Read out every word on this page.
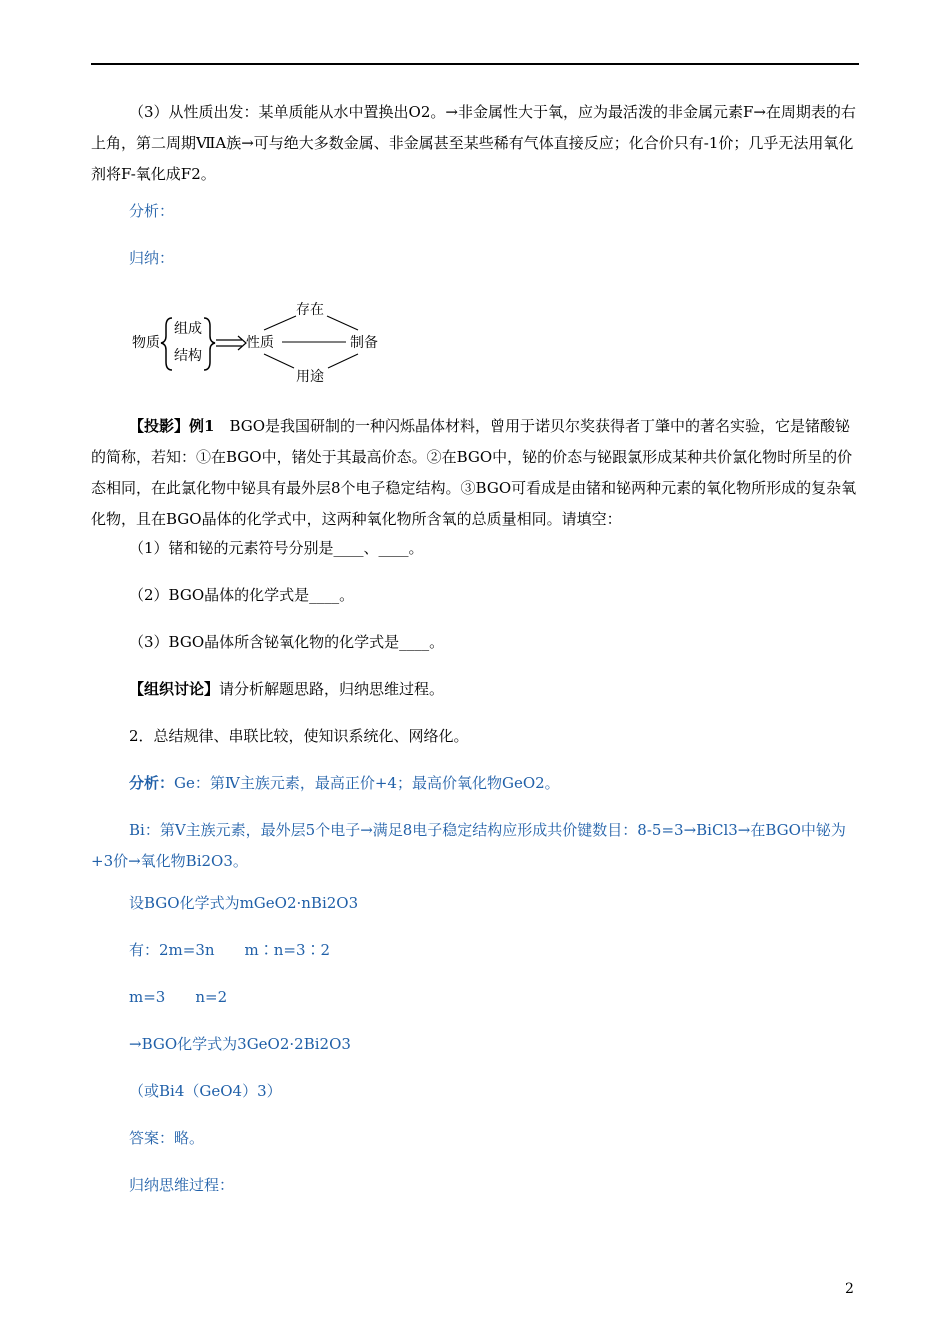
（3）从性质出发：某单质能从水中置换出O2。→非金属性大于氧，应为最活泼的非金属元素F→在周期表的右上角，第二周期ⅦA族→可与绝大多数金属、非金属甚至某些稀有气体直接反应；化合价只有-1价；几乎无法用氧化剂将F-氧化成F2。

分析：

归纳：

物质
组成
结构
性质
存在
制备
用途

【投影】例1　BGO是我国研制的一种闪烁晶体材料，曾用于诺贝尔奖获得者丁肇中的著名实验，它是锗酸铋的简称，若知：①在BGO中，锗处于其最高价态。②在BGO中，铋的价态与铋跟氯形成某种共价氯化物时所呈的价态相同，在此氯化物中铋具有最外层8个电子稳定结构。③BGO可看成是由锗和铋两种元素的氧化物所形成的复杂氧化物，且在BGO晶体的化学式中，这两种氧化物所含氧的总质量相同。请填空：

（1）锗和铋的元素符号分别是____、____。

（2）BGO晶体的化学式是____。

（3）BGO晶体所含铋氧化物的化学式是____。

【组织讨论】请分析解题思路，归纳思维过程。

2．总结规律、串联比较，使知识系统化、网络化。

分析：Ge：第Ⅳ主族元素，最高正价+4；最高价氧化物GeO2。

Bi：第Ⅴ主族元素，最外层5个电子→满足8电子稳定结构应形成共价键数目：8-5=3→BiCl3→在BGO中铋为+3价→氧化物Bi2O3。

设BGO化学式为mGeO2·nBi2O3

有：2m=3n　　m∶n=3∶2

m=3　　n=2

→BGO化学式为3GeO2·2Bi2O3

（或Bi4（GeO4）3）

答案：略。

归纳思维过程：

2
